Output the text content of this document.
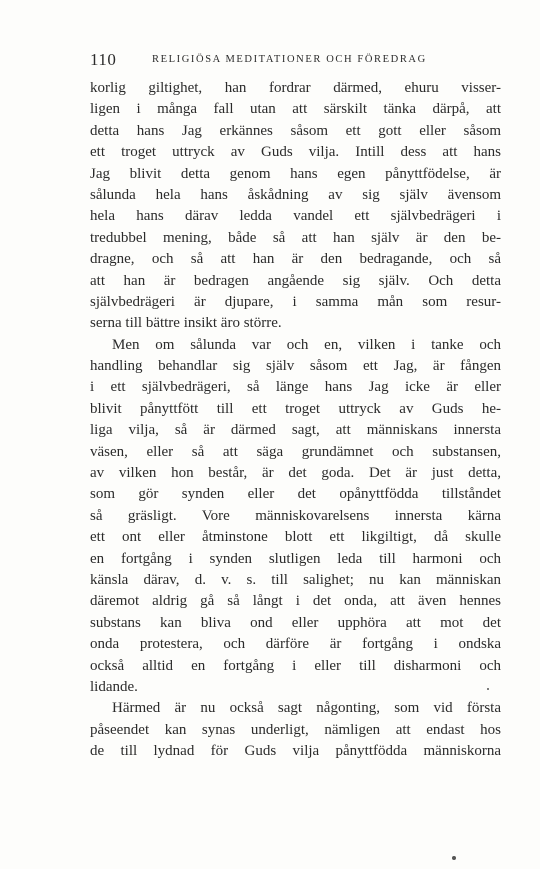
110	RELIGIÖSA MEDITATIONER OCH FÖREDRAG
korlig giltighet, han fordrar därmed, ehuru visser-
ligen i många fall utan att särskilt tänka därpå, att
detta hans Jag erkännes såsom ett gott eller såsom
ett troget uttryck av Guds vilja. Intill dess att hans
Jag blivit detta genom hans egen pånyttfödelse, är
sålunda hela hans åskådning av sig själv ävensom
hela hans därav ledda vandel ett självbedrägeri i
tredubbel mening, både så att han själv är den be-
dragne, och så att han är den bedragande, och så
att han är bedragen angående sig själv. Och detta
självbedrägeri är djupare, i samma mån som resur-
serna till bättre insikt äro större.
Men om sålunda var och en, vilken i tanke och
handling behandlar sig själv såsom ett Jag, är fången
i ett självbedrägeri, så länge hans Jag icke är eller
blivit pånyttfött till ett troget uttryck av Guds he-
liga vilja, så är därmed sagt, att människans innersta
väsen, eller så att säga grundämnet och substansen,
av vilken hon består, är det goda. Det är just detta,
som gör synden eller det opånyttfödda tillståndet
så gräsligt. Vore människovarelsens innersta kärna
ett ont eller åtminstone blott ett likgiltigt, då skulle
en fortgång i synden slutligen leda till harmoni och
känsla därav, d. v. s. till salighet; nu kan människan
däremot aldrig gå så långt i det onda, att även hennes
substans kan bliva ond eller upphöra att mot det
onda protestera, och därföre är fortgång i ondska
också alltid en fortgång i eller till disharmoni och
lidande.
Härmed är nu också sagt någonting, som vid första
påseendet kan synas underligt, nämligen att endast hos
de till lydnad för Guds vilja pånyttfödda människorna
